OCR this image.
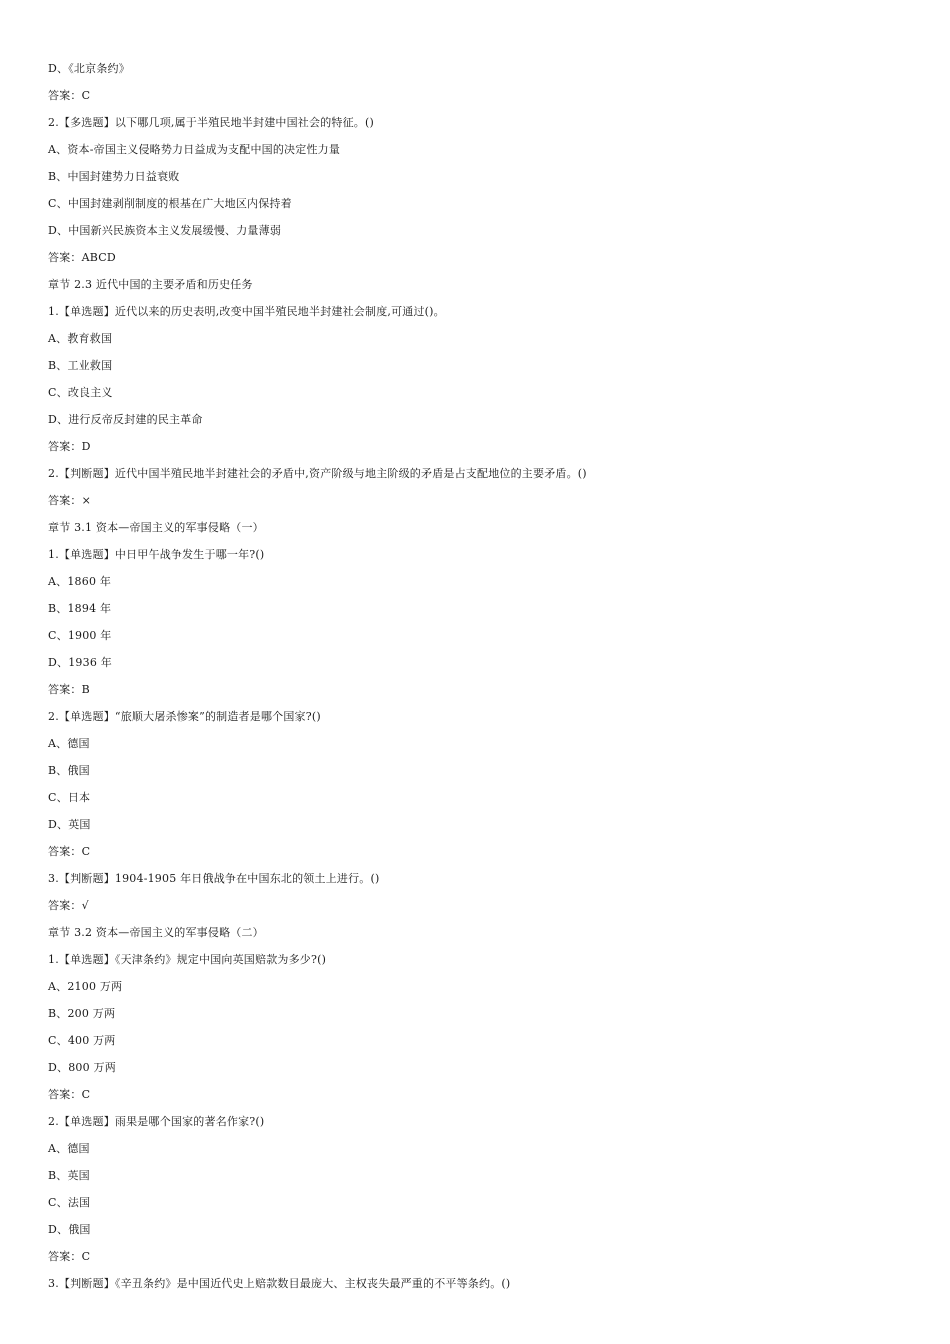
D、《北京条约》
答案：C
2.【多选题】以下哪几项,属于半殖民地半封建中国社会的特征。()
A、资本-帝国主义侵略势力日益成为支配中国的决定性力量
B、中国封建势力日益衰败
C、中国封建剥削制度的根基在广大地区内保持着
D、中国新兴民族资本主义发展缓慢、力量薄弱
答案：ABCD
章节 2.3 近代中国的主要矛盾和历史任务
1.【单选题】近代以来的历史表明,改变中国半殖民地半封建社会制度,可通过()。
A、教育救国
B、工业救国
C、改良主义
D、进行反帝反封建的民主革命
答案：D
2.【判断题】近代中国半殖民地半封建社会的矛盾中,资产阶级与地主阶级的矛盾是占支配地位的主要矛盾。()
答案：×
章节 3.1 资本—帝国主义的军事侵略（一）
1.【单选题】中日甲午战争发生于哪一年?()
A、1860 年
B、1894 年
C、1900 年
D、1936 年
答案：B
2.【单选题】“旅顺大屠杀惨案”的制造者是哪个国家?()
A、德国
B、俄国
C、日本
D、英国
答案：C
3.【判断题】1904-1905 年日俄战争在中国东北的领土上进行。()
答案：√
章节 3.2 资本—帝国主义的军事侵略（二）
1.【单选题】《天津条约》规定中国向英国赔款为多少?()
A、2100 万两
B、200 万两
C、400 万两
D、800 万两
答案：C
2.【单选题】雨果是哪个国家的著名作家?()
A、德国
B、英国
C、法国
D、俄国
答案：C
3.【判断题】《辛丑条约》是中国近代史上赔款数目最庞大、主权丧失最严重的不平等条约。()
